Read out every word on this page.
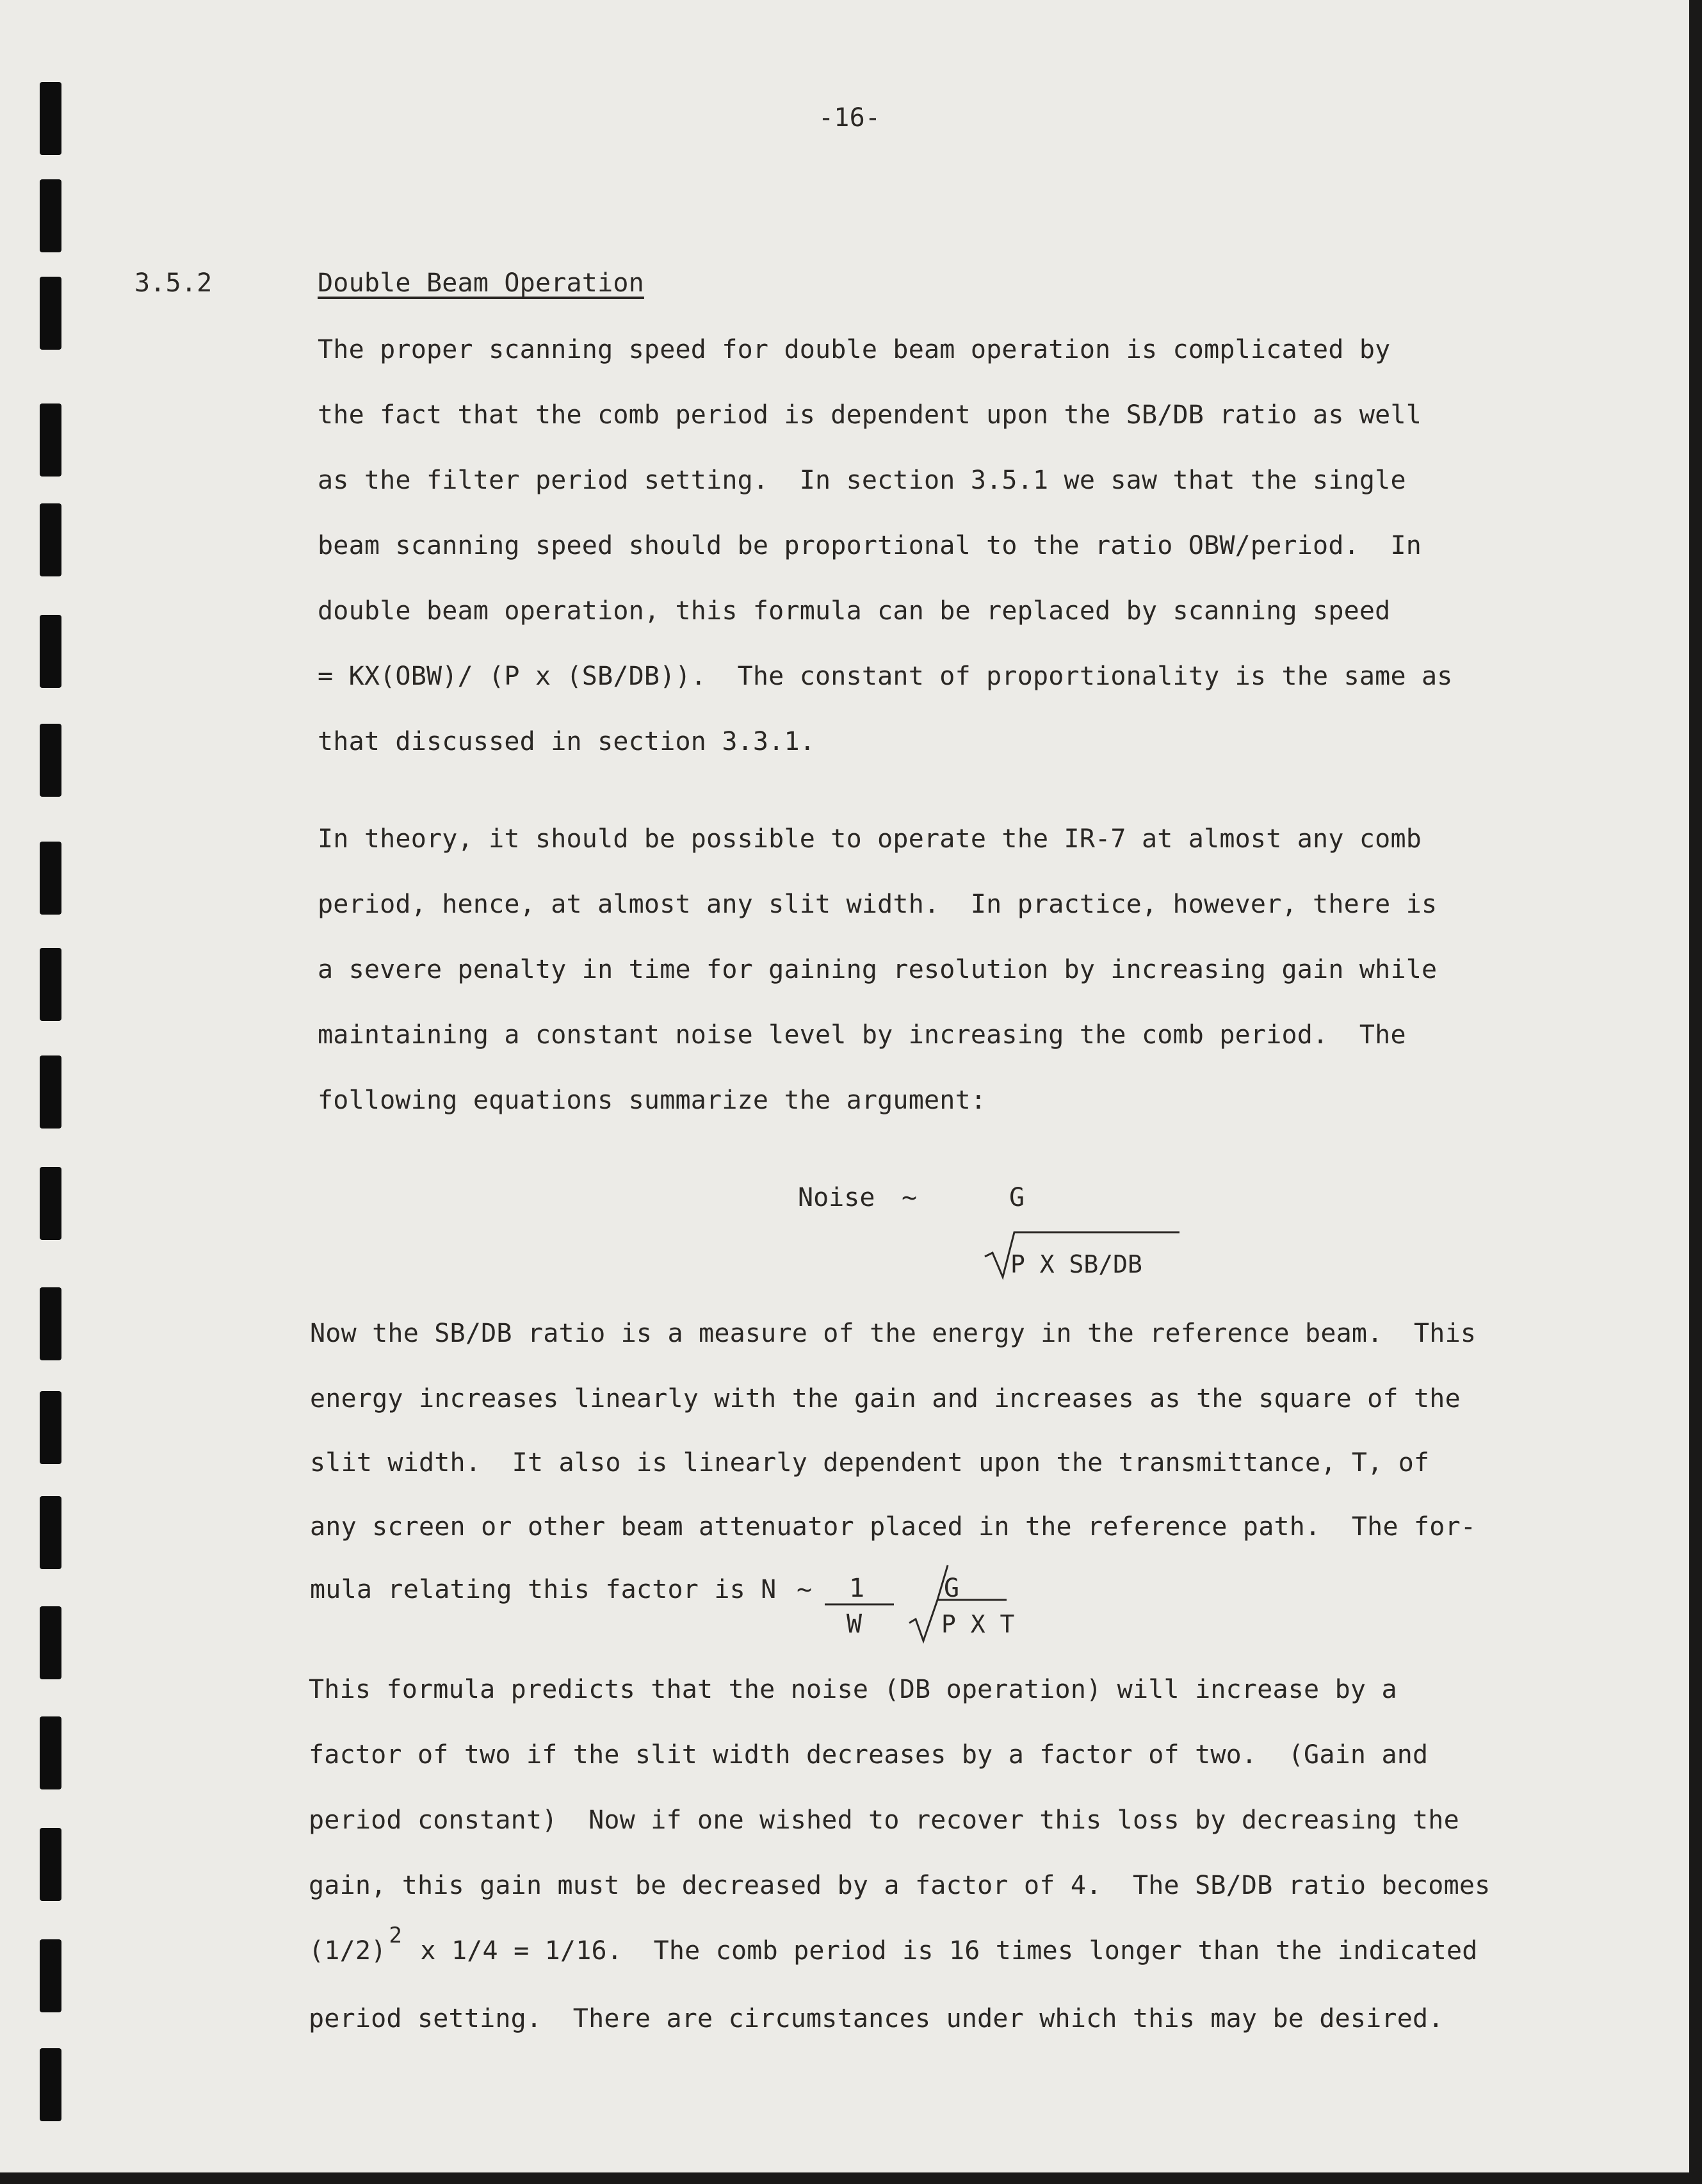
-16-
3.5.2	Double Beam Operation
The proper scanning speed for double beam operation is complicated by
the fact that the comb period is dependent upon the SB/DB ratio as well
as the filter period setting.  In section 3.5.1 we saw that the single
beam scanning speed should be proportional to the ratio OBW/period.  In
double beam operation, this formula can be replaced by scanning speed
= KX(OBW)/ (P x (SB/DB)).  The constant of proportionality is the same as
that discussed in section 3.3.1.
In theory, it should be possible to operate the IR-7 at almost any comb
period, hence, at almost any slit width.  In practice, however, there is
a severe penalty in time for gaining resolution by increasing gain while
maintaining a constant noise level by increasing the comb period.  The
following equations summarize the argument:
Noise ~	G
P X SB/DB
Now the SB/DB ratio is a measure of the energy in the reference beam.  This
energy increases linearly with the gain and increases as the square of the
slit width.  It also is linearly dependent upon the transmittance, T, of
any screen or other beam attenuator placed in the reference path.  The for-
mula relating this factor is N ~ 1
W
G
P X T
This formula predicts that the noise (DB operation) will increase by a
factor of two if the slit width decreases by a factor of two.  (Gain and
period constant)  Now if one wished to recover this loss by decreasing the
gain, this gain must be decreased by a factor of 4.  The SB/DB ratio becomes
$(1/2)^2$ x 1/4 = 1/16.  The comb period is 16 times longer than the indicated
period setting.  There are circumstances under which this may be desired.
